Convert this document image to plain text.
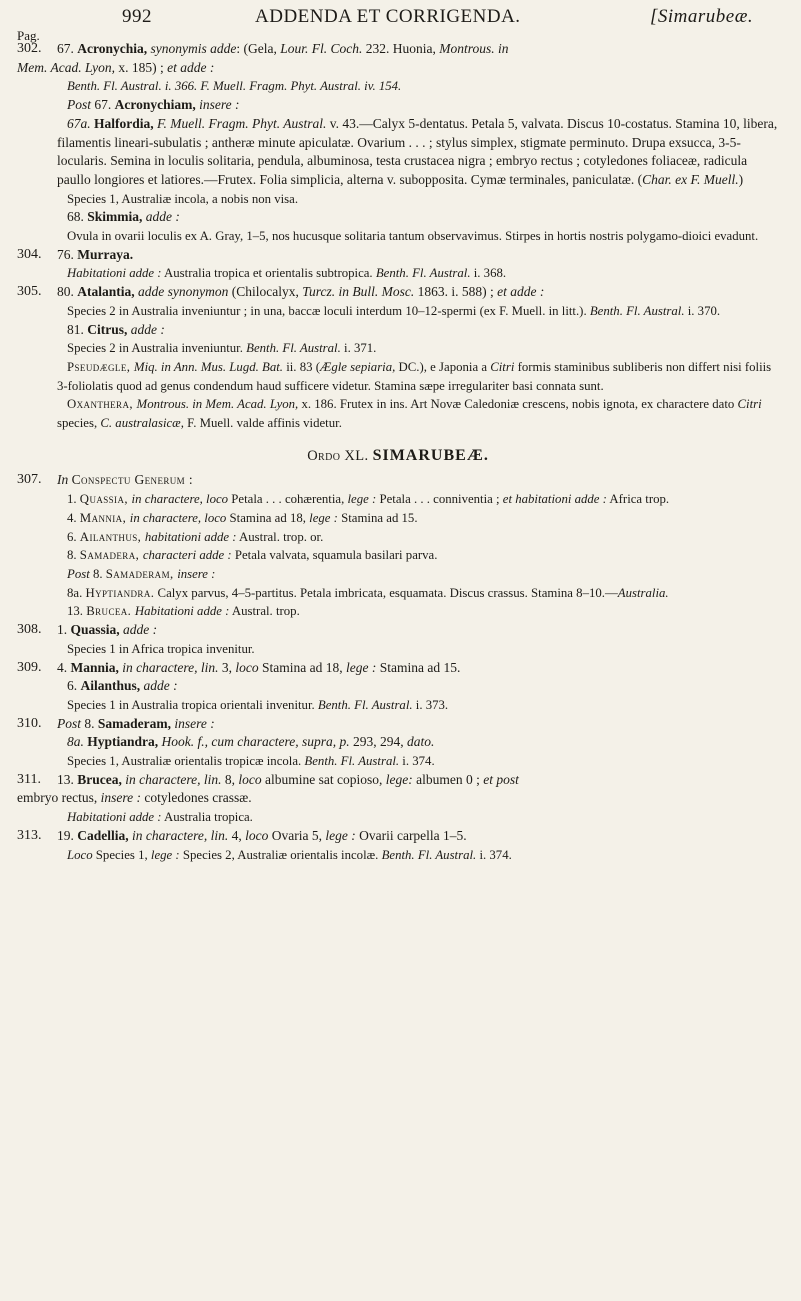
992	ADDENDA ET CORRIGENDA.	[Simarubeæ.
Pag.
302. 67. Acronychia, synonymis adde: (Gela, Lour. Fl. Coch. 232. Huonia, Montrous. in

Mem. Acad. Lyon, x. 185) ; et adde :

Benth. Fl. Austral. i. 366. F. Muell. Fragm. Phyt. Austral. iv. 154.

Post 67. Acronychiam, insere :

67a. Halfordia, F. Muell. Fragm. Phyt. Austral. v. 43.—Calyx 5-dentatus. Petala 5, valvata. Discus 10-costatus. Stamina 10, libera, filamentis lineari-subulatis ; antheræ minute apiculatæ. Ovarium . . . ; stylus simplex, stigmate perminuto. Drupa exsucca, 3-5-locularis. Semina in loculis solitaria, pendula, albuminosa, testa crustacea nigra ; embryo rectus ; cotyledones foliaceæ, radicula paullo longiores et latiores.—Frutex. Folia simplicia, alterna v. subopposita. Cymæ terminales, paniculatæ. (Char. ex F. Muell.)

Species 1, Australiæ incola, a nobis non visa.

68. Skimmia, adde :

Ovula in ovarii loculis ex A. Gray, 1–5, nos hucusque solitaria tantum observavimus. Stirpes in hortis nostris polygamo-dioici evadunt.

304. 76. Murraya.

Habitationi adde : Australia tropica et orientalis subtropica. Benth. Fl. Austral. i. 368.

305. 80. Atalantia, adde synonymon (Chilocalyx, Turcz. in Bull. Mosc. 1863. i. 588) ; et adde :

Species 2 in Australia inveniuntur ; in una, baccæ loculi interdum 10–12-spermi (ex F. Muell. in litt.). Benth. Fl. Austral. i. 370.

81. Citrus, adde :

Species 2 in Australia inveniuntur. Benth. Fl. Austral. i. 371.

Pseudægle, Miq. in Ann. Mus. Lugd. Bat. ii. 83 (Ægle sepiaria, DC.), e Japonia a Citri formis staminibus subliberis non differt nisi foliis 3-foliolatis quod ad genus condendum haud sufficere videtur. Stamina sæpe irregulariter basi connata sunt.

Oxanthera, Montrous. in Mem. Acad. Lyon, x. 186. Frutex in ins. Art Novæ Caledoniæ crescens, nobis ignota, ex charactere dato Citri species, C. australasicæ, F. Muell. valde affinis videtur.

Ordo XL. SIMARUBEÆ.

307. In Conspectu Generum :

1. Quassia, in charactere, loco Petala . . . cohærentia, lege : Petala . . . conniventia ; et habitationi adde : Africa trop.

4. Mannia, in charactere, loco Stamina ad 18, lege : Stamina ad 15.

6. Ailanthus, habitationi adde : Austral. trop. or.

8. Samadera, characteri adde : Petala valvata, squamula basilari parva.

Post 8. Samaderam, insere :

8a. Hyptiandra. Calyx parvus, 4–5-partitus. Petala imbricata, esquamata. Discus crassus. Stamina 8–10.—Australia.

13. Brucea. Habitationi adde : Austral. trop.

308. 1. Quassia, adde :

Species 1 in Africa tropica invenitur.

309. 4. Mannia, in charactere, lin. 3, loco Stamina ad 18, lege : Stamina ad 15.

6. Ailanthus, adde :

Species 1 in Australia tropica orientali invenitur. Benth. Fl. Austral. i. 373.

310. Post 8. Samaderam, insere :

8a. Hyptiandra, Hook. f., cum charactere, supra, p. 293, 294, dato.

Species 1, Australiæ orientalis tropicæ incola. Benth. Fl. Austral. i. 374.

311. 13. Brucea, in charactere, lin. 8, loco albumine sat copioso, lege: albumen 0 ; et post

embryo rectus, insere : cotyledones crassæ.

Habitationi adde : Australia tropica.

313. 19. Cadellia, in charactere, lin. 4, loco Ovaria 5, lege : Ovarii carpella 1–5.

Loco Species 1, lege : Species 2, Australiæ orientalis incolæ. Benth. Fl. Austral. i. 374.
